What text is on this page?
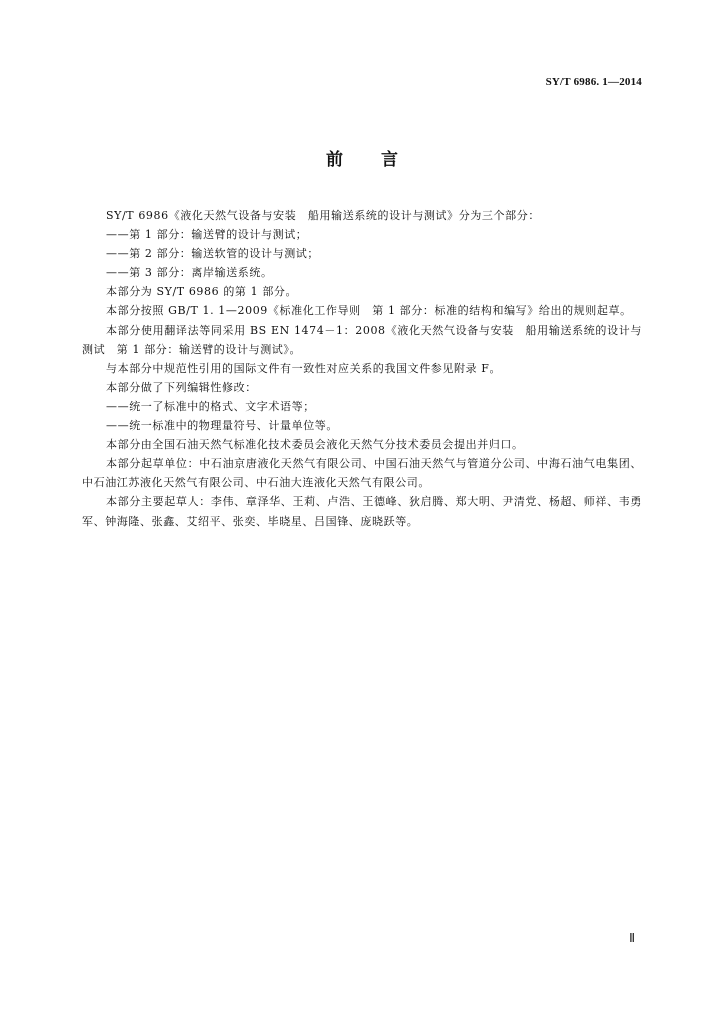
SY/T 6986. 1—2014
前 言

SY/T 6986《液化天然气设备与安装　船用输送系统的设计与测试》分为三个部分：

——第 1 部分：输送臂的设计与测试；

——第 2 部分：输送软管的设计与测试；

——第 3 部分：离岸输送系统。

本部分为 SY/T 6986 的第 1 部分。

本部分按照 GB/T 1. 1—2009《标准化工作导则　第 1 部分：标准的结构和编写》给出的规则起草。

本部分使用翻译法等同采用 BS EN 1474－1：2008《液化天然气设备与安装　船用输送系统的设计与测试　第 1 部分：输送臂的设计与测试》。

与本部分中规范性引用的国际文件有一致性对应关系的我国文件参见附录 F。

本部分做了下列编辑性修改：

——统一了标准中的格式、文字术语等；

——统一标准中的物理量符号、计量单位等。

本部分由全国石油天然气标准化技术委员会液化天然气分技术委员会提出并归口。

本部分起草单位：中石油京唐液化天然气有限公司、中国石油天然气与管道分公司、中海石油气电集团、中石油江苏液化天然气有限公司、中石油大连液化天然气有限公司。

本部分主要起草人：李伟、章泽华、王莉、卢浩、王德峰、狄启腾、郑大明、尹清党、杨超、师祥、韦勇军、钟海隆、张鑫、艾绍平、张奕、毕晓星、吕国锋、庞晓跃等。

Ⅱ
